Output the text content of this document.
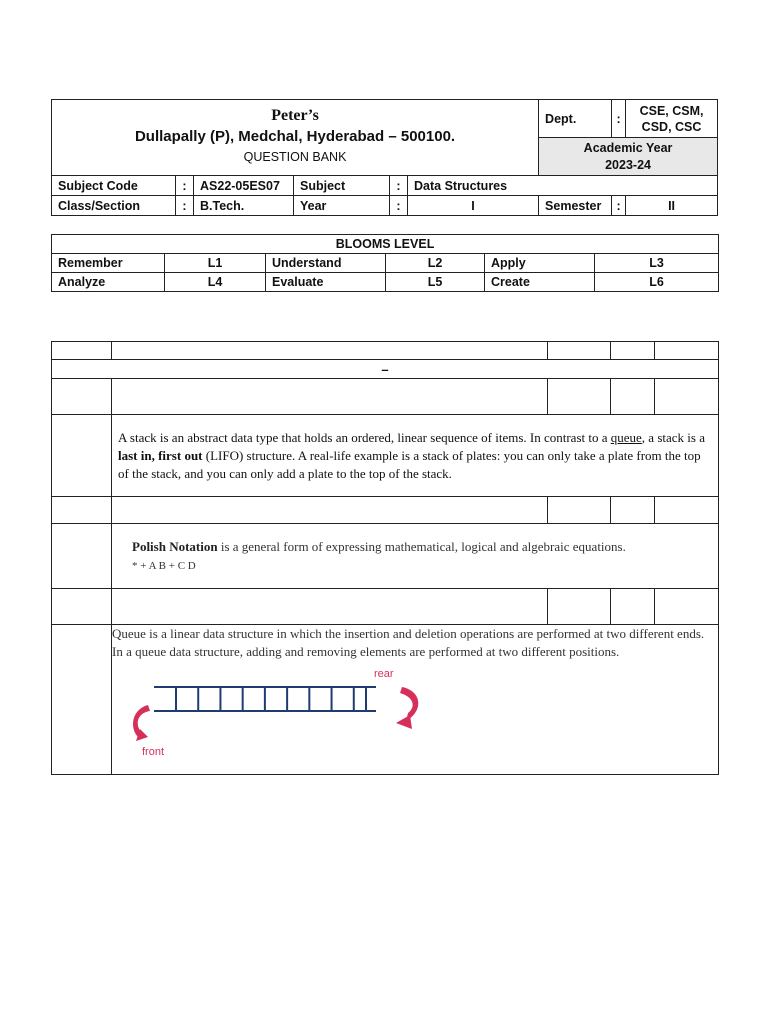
Peter’s
Dullapally (P), Medchal, Hyderabad – 500100.
QUESTION BANK						Dept.	:	CSE, CSM, CSD, CSC

						Academic Year
2023-24		

Subject Code	:	AS22-05ES07	Subject	:	Data Structures			
Class/Section	:	B.Tech.	Year	:	I	Semester	:	II
BLOOMS LEVEL					
Remember	L1	Understand	L2	Apply	L3
Analyze	L4	Evaluate	L5	Create	L6

–				

	A stack is an abstract data type that holds an ordered, linear sequence of items. In contrast to a queue, a stack is a last in, first out (LIFO) structure. A real-life example is a stack of plates: you can only take a plate from the top of the stack, and you can only add a plate to the top of the stack.			

	Polish Notation is a general form of expressing mathematical, logical and algebraic equations.
* + A B + C D			

	Queue is a linear data structure in which the insertion and deletion operations are performed at two different ends. In a queue data structure, adding and removing elements are performed at two different positions.

rear
front			
